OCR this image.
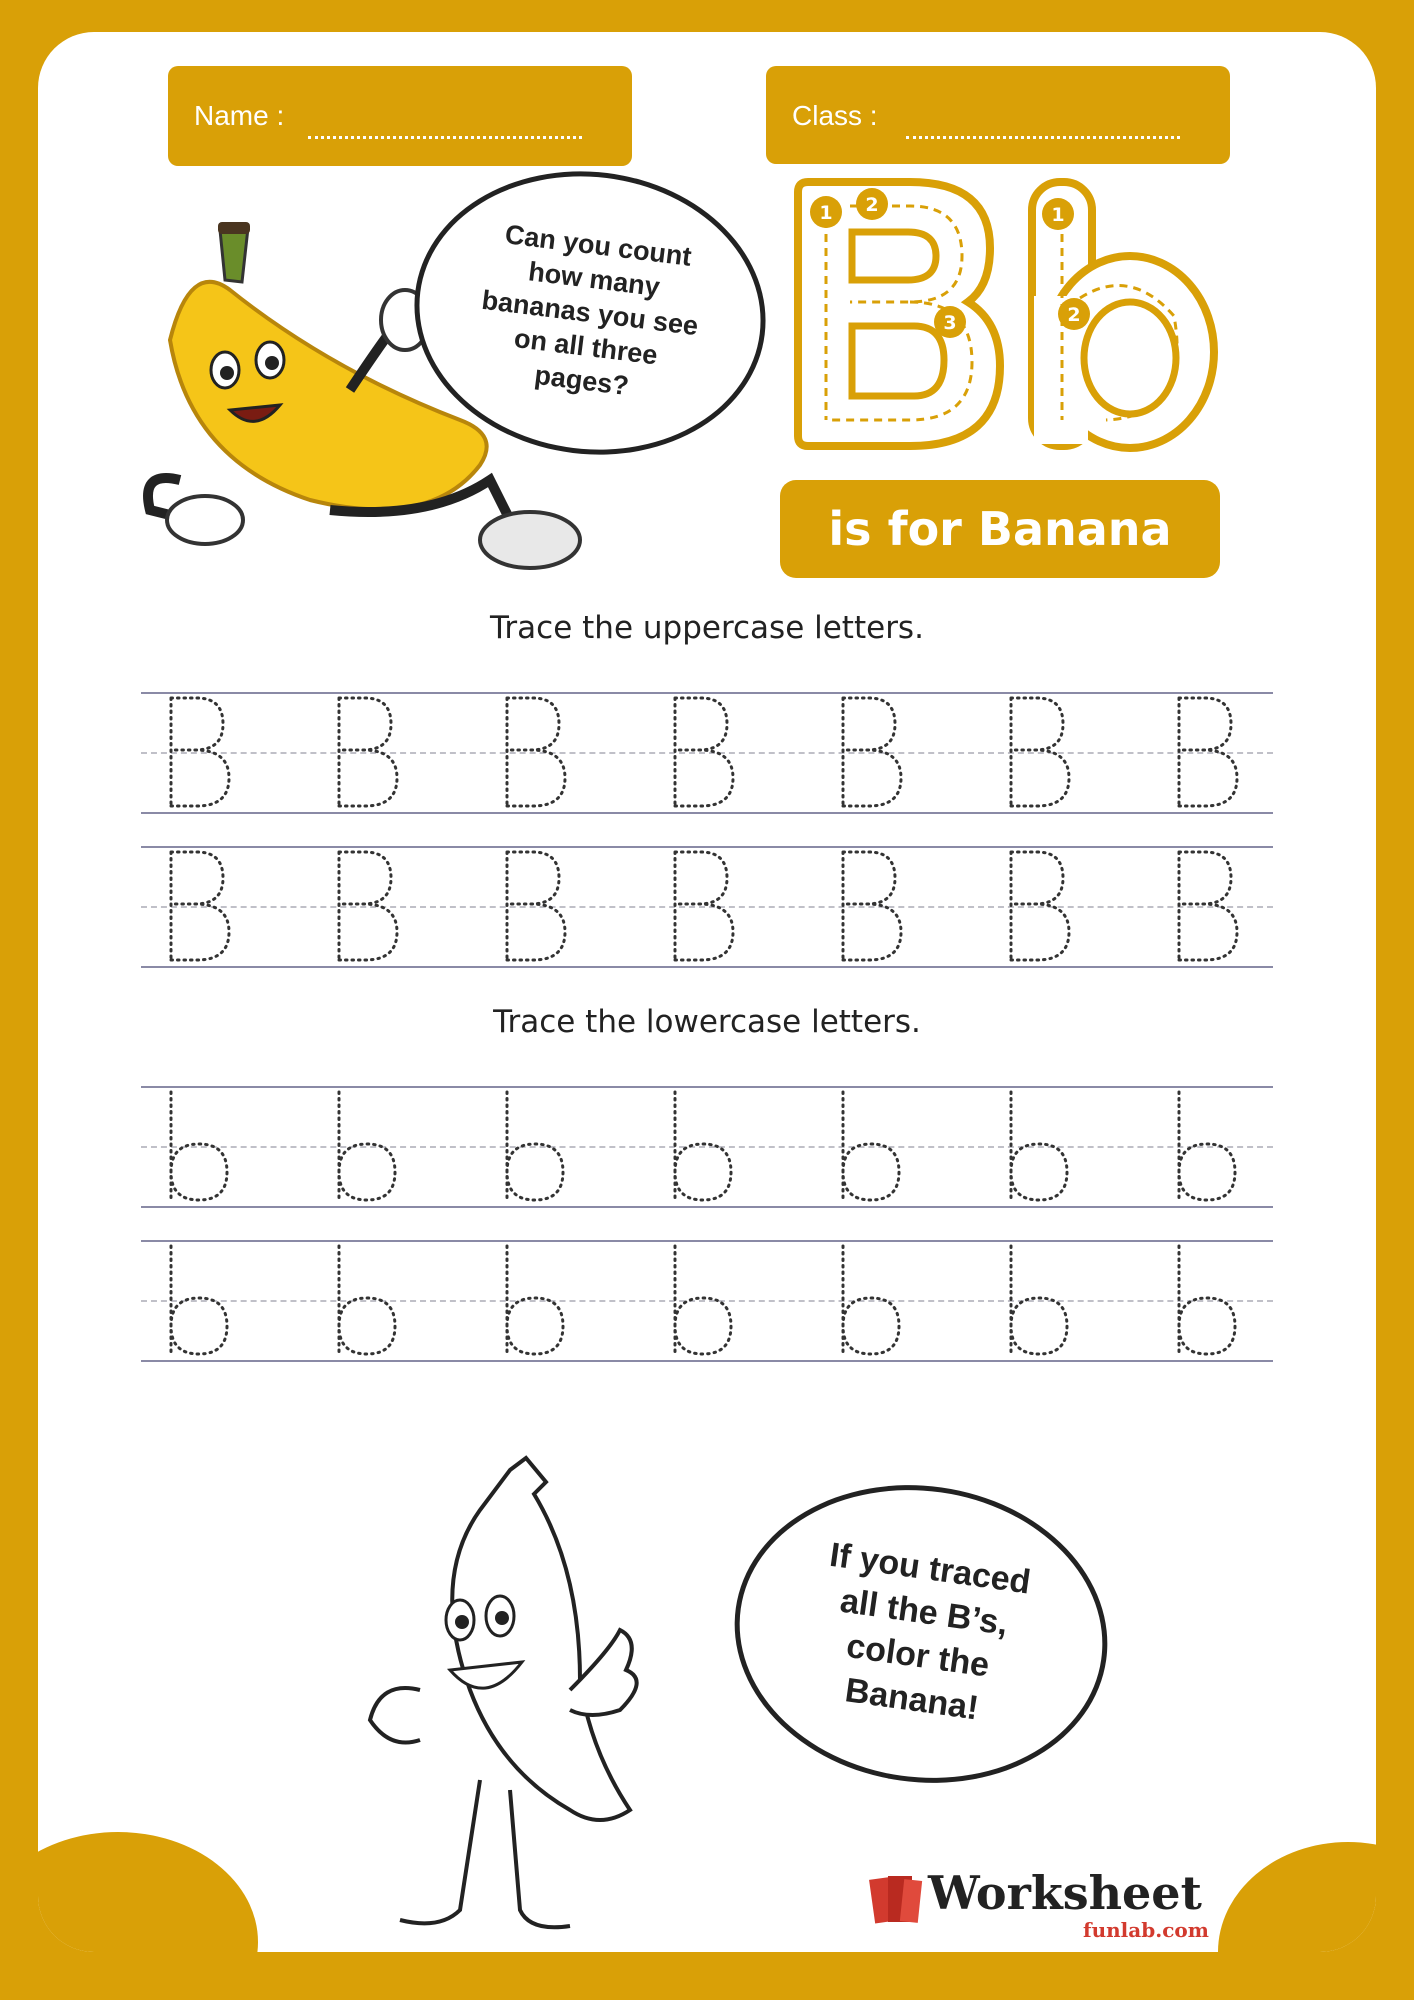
Name :	Class :
Can you count
how many
bananas you see
on all three
pages?
1 2
3
1
2
is for Banana
Trace the uppercase letters.
Trace the lowercase letters.
If you traced
all the B’s,
color the
Banana!
Worksheet
funlab.com
